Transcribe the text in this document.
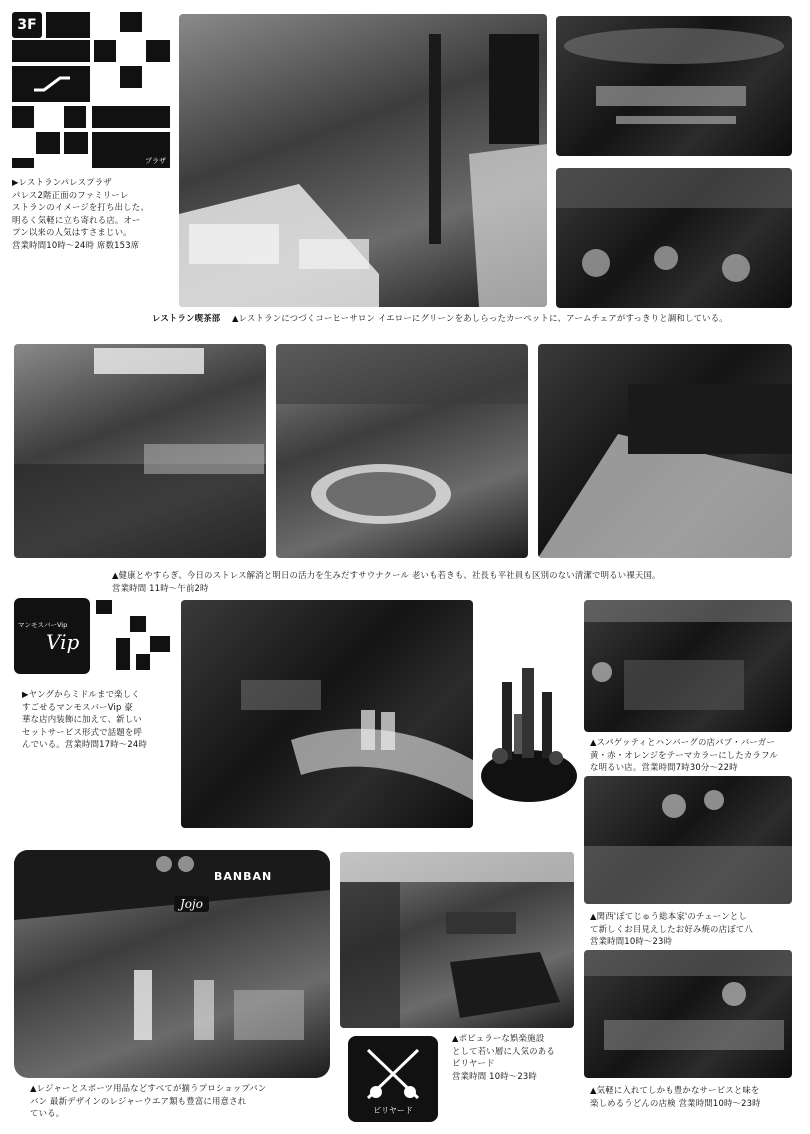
3F
プラザ
▶レストランパレスプラザ
パレス2階正面のファミリーレ
ストランのイメージを打ち出した、
明るく気軽に立ち寄れる店。オー
プン以来の人気はすさまじい。
営業時間10時〜24時 席数153席
レストラン喫茶部 ▲レストランにつづくコーヒーサロン イエローにグリーンをあしらったカーペットに、アームチェアがすっきりと調和している。
▲健康とやすらぎ、今日のストレス解消と明日の活力を生みだすサウナクール 老いも若きも、社長も平社員も区別のない清潔で明るい裸天国。
営業時間 11時〜午前2時
マンモスバーVip
Vip
▶ヤングからミドルまで楽しく
すごせるマンモスバーVip 豪
華な店内装飾に加えて、新しい
セットサービス形式で話題を呼
んでいる。営業時間17時〜24時	▲スパゲッティとハンバーグの店パブ・バーガー
黄・赤・オレンジをテーマカラーにしたカラフル
な明るい店。営業時間7時30分〜22時
▲関西'ぼてじゅう総本家'のチェーンとし
て新しくお目見えしたお好み焼の店ぼて八
営業時間10時〜23時
BANBAN
Jojo
▲レジャーとスポーツ用品などすべてが揃うプロショップバン
バン 最新デザインのレジャーウエア類も豊富に用意され
ている。
▲ポピュラーな娯楽施設
として若い層に人気のある
ビリヤード
営業時間 10時〜23時
ビリヤード
▲気軽に入れてしかも豊かなサービスと味を
楽しめるうどんの店検 営業時間10時〜23時
